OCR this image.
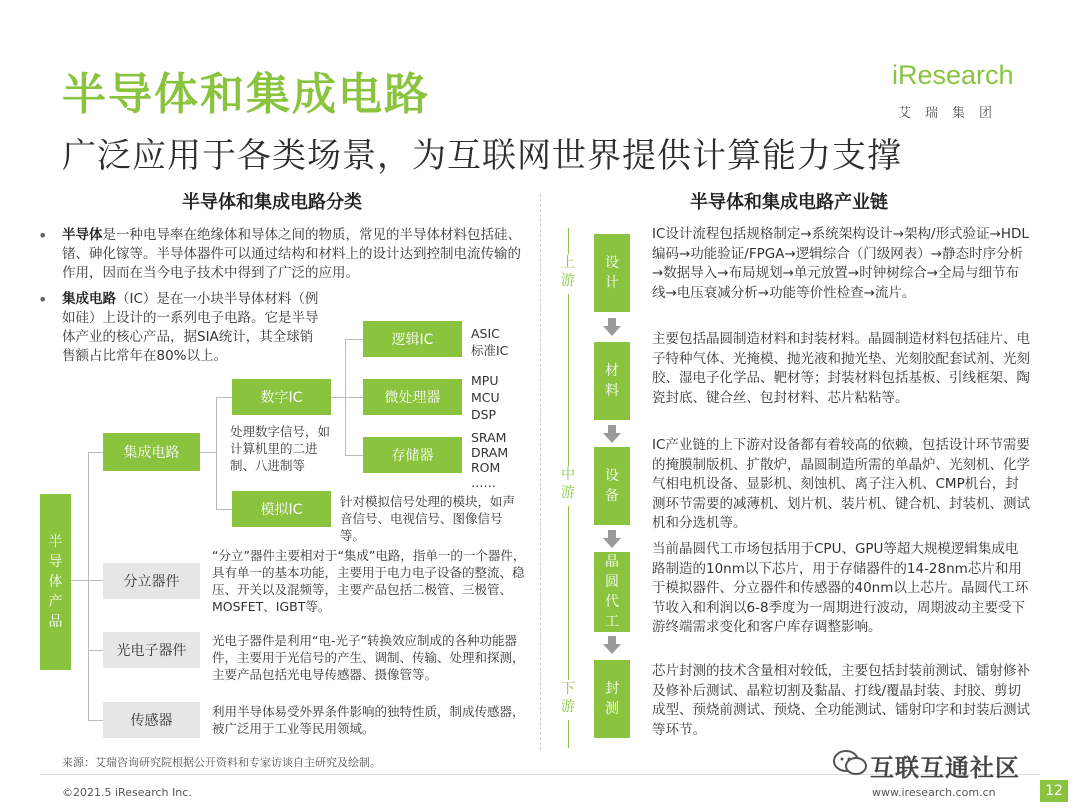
半导体和集成电路
广泛应用于各类场景，为互联网世界提供计算能力支撑
iResearch
艾瑞集团
半导体和集成电路分类	半导体和集成电路产业链
• 半导体是一种电导率在绝缘体和导体之间的物质，常见的半导体材料包括硅、锗、砷化镓等。半导体器件可以通过结构和材料上的设计达到控制电流传输的作用，因而在当今电子技术中得到了广泛的应用。
• 集成电路（IC）是在一小块半导体材料（例如硅）上设计的一系列电子电路。它是半导体产业的核心产品，据SIA统计，其全球销售额占比常年在80%以上。
半导体产品
集成电路
数字IC
处理数字信号，如计算机里的二进制、八进制等
逻辑IC	ASIC
标准IC
微处理器
MPU
MCU
DSP
存储器
SRAM
DRAM
ROM
……
模拟IC
针对模拟信号处理的模块，如声音信号、电视信号、图像信号等。
分立器件
“分立”器件主要相对于“集成”电路，指单一的一个器件，具有单一的基本功能，主要用于电力电子设备的整流、稳压、开关以及混频等，主要产品包括二极管、三极管、MOSFET、IGBT等。
光电子器件
光电子器件是利用“电-光子”转换效应制成的各种功能器件，主要用于光信号的产生、调制、传输、处理和探测，主要产品包括光电导传感器、摄像管等。
传感器
利用半导体易受外界条件影响的独特性质，制成传感器，被广泛用于工业等民用领域。
上游
中游
下游
设计
材料
设备
晶圆代工
封测
IC设计流程包括规格制定→系统架构设计→架构/形式验证→HDL编码→功能验证/FPGA→逻辑综合（门级网表）→静态时序分析→数据导入→布局规划→单元放置→时钟树综合→全局与细节布线→电压衰减分析→功能等价性检查→流片。
主要包括晶圆制造材料和封装材料。晶圆制造材料包括硅片、电子特种气体、光掩模、抛光液和抛光垫、光刻胶配套试剂、光刻胶、湿电子化学品、靶材等；封装材料包括基板、引线框架、陶瓷封底、键合丝、包封材料、芯片粘粘等。
IC产业链的上下游对设备都有着较高的依赖，包括设计环节需要的掩膜制版机、扩散炉，晶圆制造所需的单晶炉、光刻机、化学气相电机设备、显影机、刻蚀机、离子注入机、CMP机台，封测环节需要的减薄机、划片机、装片机、键合机、封装机、测试机和分选机等。
当前晶圆代工市场包括用于CPU、GPU等超大规模逻辑集成电路制造的10nm以下芯片，用于存储器件的14-28nm芯片和用于模拟器件、分立器件和传感器的40nm以上芯片。晶圆代工环节收入和利润以6-8季度为一周期进行波动，周期波动主要受下游终端需求变化和客户库存调整影响。
芯片封测的技术含量相对较低，主要包括封装前测试、镭射修补及修补后测试、晶粒切割及黏晶、打线/覆晶封装、封胶、剪切成型、预烧前测试、预烧、全功能测试、镭射印字和封装后测试等环节。
来源：艾瑞咨询研究院根据公开资料和专家访谈自主研究及绘制。
©2021.5 iResearch Inc.	www.iresearch.com.cn
互联互通社区
12
